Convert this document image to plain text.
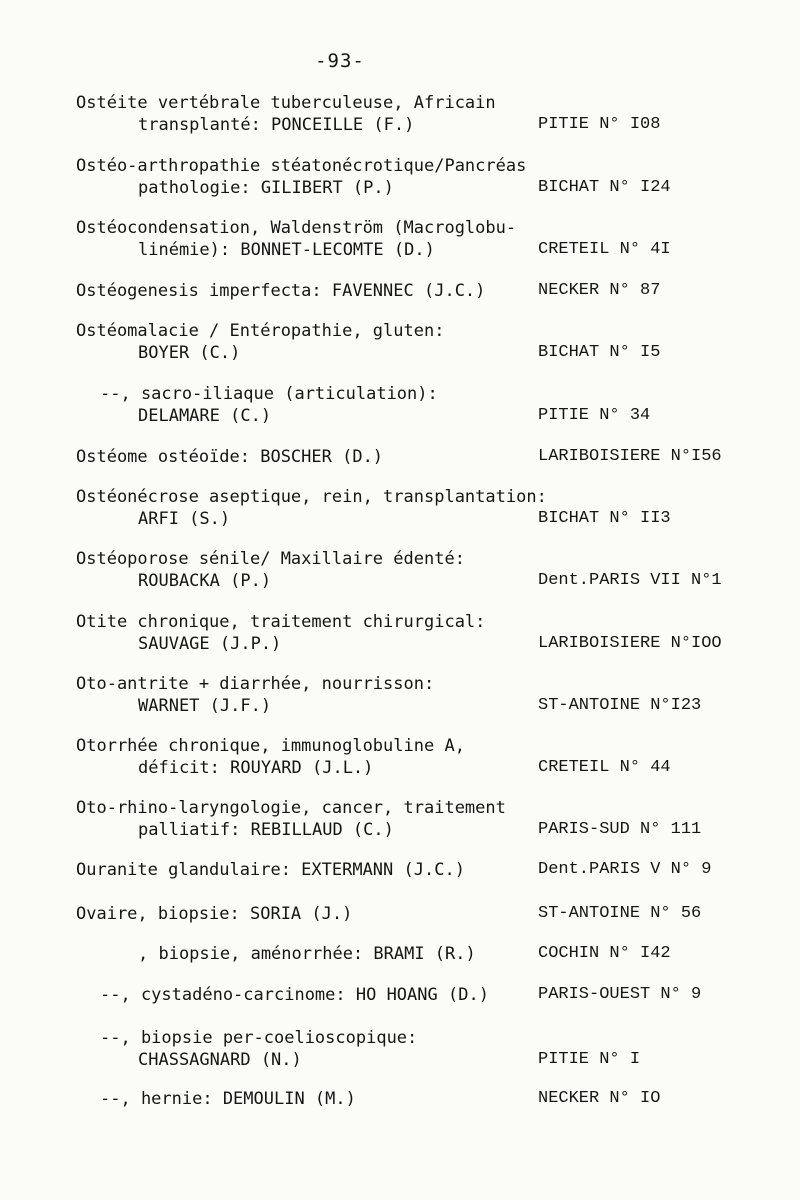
-93-
Ostéite vertébrale tuberculeuse, Africain
transplanté: PONCEILLE (F.)	PITIE N° I08
Ostéo-arthropathie stéatonécrotique/Pancréas
pathologie: GILIBERT (P.)	BICHAT N° I24
Ostéocondensation, Waldenström (Macroglobu-
linémie): BONNET-LECOMTE (D.)	CRETEIL N° 4I
Ostéogenesis imperfecta: FAVENNEC (J.C.)	NECKER N° 87
Ostéomalacie / Entéropathie, gluten:
BOYER (C.)	BICHAT N° I5
--, sacro-iliaque (articulation):
DELAMARE (C.)	PITIE N° 34
Ostéome ostéoïde: BOSCHER (D.)	LARIBOISIERE N°I56
Ostéonécrose aseptique, rein, transplantation:
ARFI (S.)	BICHAT N° II3
Ostéoporose sénile/ Maxillaire édenté:
ROUBACKA (P.)	Dent.PARIS VII N°1
Otite chronique, traitement chirurgical:
SAUVAGE (J.P.)	LARIBOISIERE N°IOO
Oto-antrite + diarrhée, nourrisson:
WARNET (J.F.)	ST-ANTOINE N°I23
Otorrhée chronique, immunoglobuline A,
déficit: ROUYARD (J.L.)	CRETEIL N° 44
Oto-rhino-laryngologie, cancer, traitement
palliatif: REBILLAUD (C.)	PARIS-SUD N° 111
Ouranite glandulaire: EXTERMANN (J.C.)	Dent.PARIS V N° 9
Ovaire, biopsie: SORIA (J.)	ST-ANTOINE N° 56
, biopsie, aménorrhée: BRAMI (R.)	COCHIN N° I42
--, cystadéno-carcinome: HO HOANG (D.)	PARIS-OUEST N° 9
--, biopsie per-coelioscopique:
CHASSAGNARD (N.)	PITIE N° I
--, hernie: DEMOULIN (M.)	NECKER N° IO
